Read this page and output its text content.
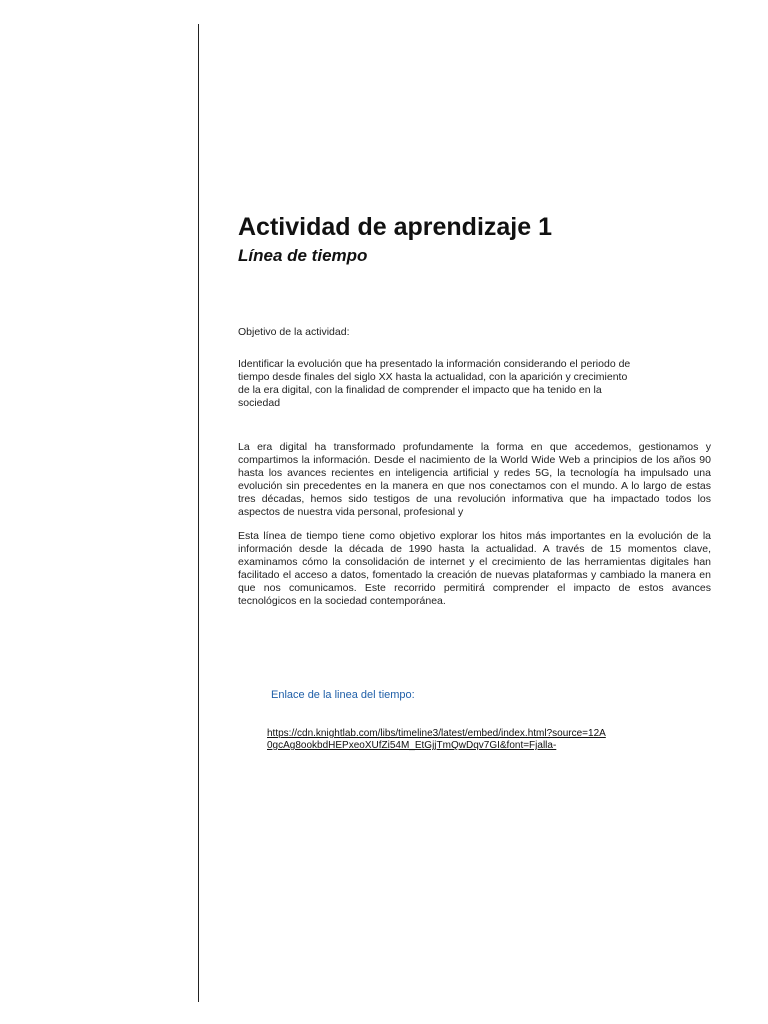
Actividad de aprendizaje 1
Línea de tiempo

Objetivo de la actividad:

Identificar la evolución que ha presentado la información considerando el periodo de tiempo desde finales del siglo XX hasta la actualidad, con la aparición y crecimiento de la era digital, con la finalidad de comprender el impacto que ha tenido en la sociedad

La era digital ha transformado profundamente la forma en que accedemos, gestionamos y compartimos la información. Desde el nacimiento de la World Wide Web a principios de los años 90 hasta los avances recientes en inteligencia artificial y redes 5G, la tecnología ha impulsado una evolución sin precedentes en la manera en que nos conectamos con el mundo. A lo largo de estas tres décadas, hemos sido testigos de una revolución informativa que ha impactado todos los aspectos de nuestra vida personal, profesional y

Esta línea de tiempo tiene como objetivo explorar los hitos más importantes en la evolución de la información desde la década de 1990 hasta la actualidad. A través de 15 momentos clave, examinamos cómo la consolidación de internet y el crecimiento de las herramientas digitales han facilitado el acceso a datos, fomentado la creación de nuevas plataformas y cambiado la manera en que nos comunicamos. Este recorrido permitirá comprender el impacto de estos avances tecnológicos en la sociedad contemporánea.

Enlace de la linea del tiempo:

https://cdn.knightlab.com/libs/timeline3/latest/embed/index.html?source=12A0gcAg8ookbdHEPxeoXUfZi54M_EtGjjTmQwDqv7GI&font=Fjalla-
